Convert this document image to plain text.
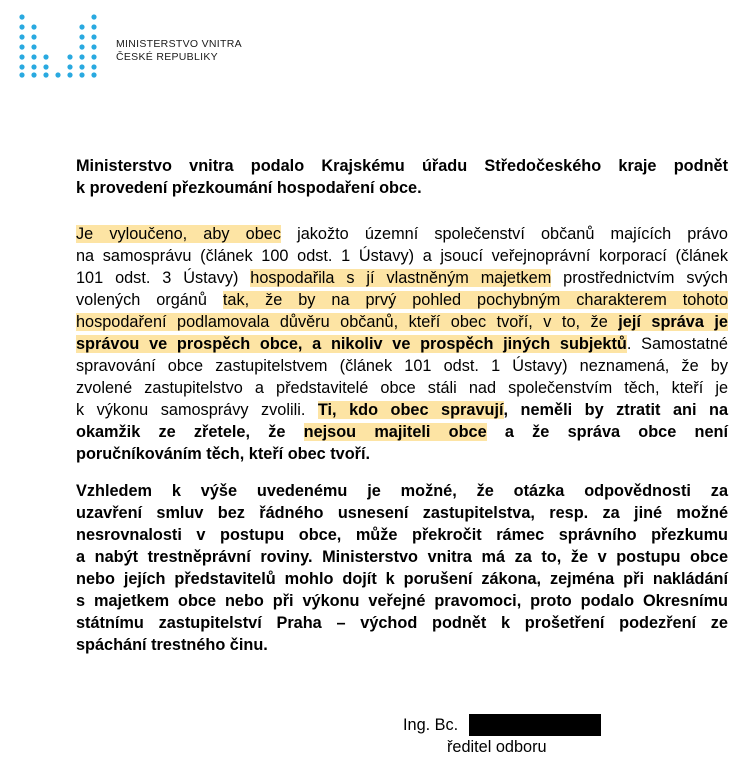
MINISTERSTVO VNITRA
ČESKÉ REPUBLIKY
Ministerstvo vnitra podalo Krajskému úřadu Středočeského kraje podnět
k provedení přezkoumání hospodaření obce.
Je vyloučeno, aby obec jakožto územní společenství občanů majících právo
na samosprávu (článek 100 odst. 1 Ústavy) a jsoucí veřejnoprávní korporací (článek
101 odst. 3 Ústavy) hospodařila s jí vlastněným majetkem prostřednictvím svých
volených orgánů tak, že by na prvý pohled pochybným charakterem tohoto
hospodaření podlamovala důvěru občanů, kteří obec tvoří, v to, že její správa je
správou ve prospěch obce, a nikoliv ve prospěch jiných subjektů. Samostatné
spravování obce zastupitelstvem (článek 101 odst. 1 Ústavy) neznamená, že by
zvolené zastupitelstvo a představitelé obce stáli nad společenstvím těch, kteří je
k výkonu samosprávy zvolili. Ti, kdo obec spravují, neměli by ztratit ani na
okamžik ze zřetele, že nejsou majiteli obce a že správa obce není
poručníkováním těch, kteří obec tvoří.
Vzhledem k výše uvedenému je možné, že otázka odpovědnosti za
uzavření smluv bez řádného usnesení zastupitelstva, resp. za jiné možné
nesrovnalosti v postupu obce, může překročit rámec správního přezkumu
a nabýt trestněprávní roviny. Ministerstvo vnitra má za to, že v postupu obce
nebo jejích představitelů mohlo dojít k porušení zákona, zejména při nakládání
s majetkem obce nebo při výkonu veřejné pravomoci, proto podalo Okresnímu
státnímu zastupitelství Praha – východ podnět k prošetření podezření ze
spáchání trestného činu.
Ing. Bc.
ředitel odboru
